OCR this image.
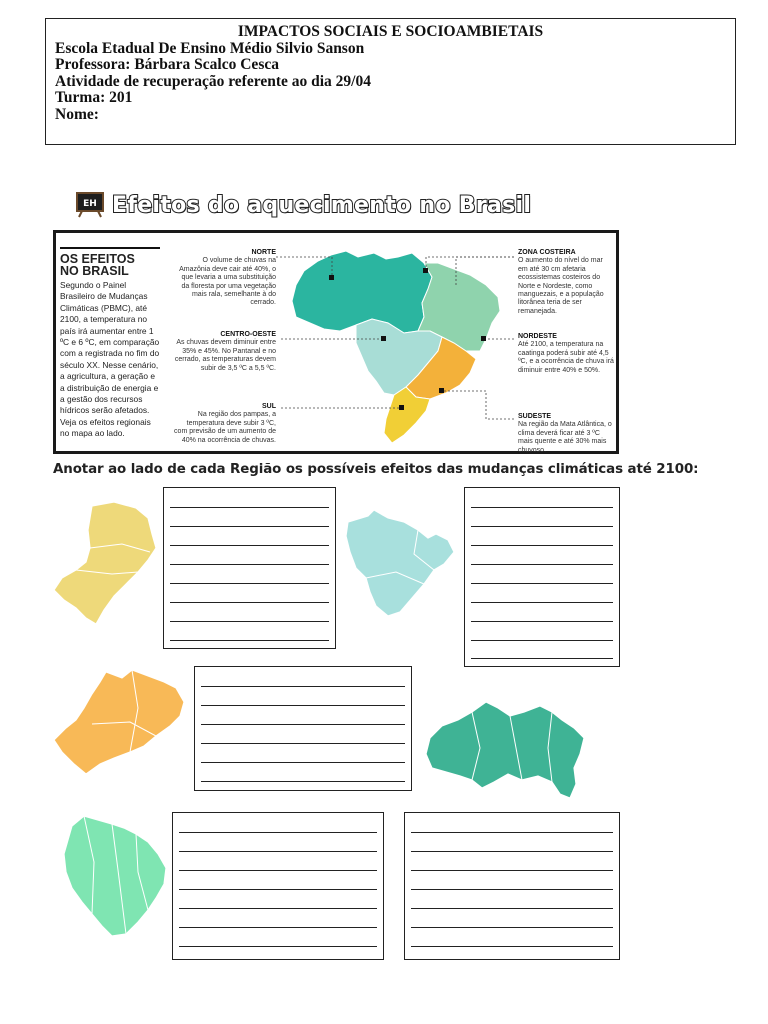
IMPACTOS SOCIAIS E SOCIOAMBIETAIS
Escola Etadual De Ensino Médio Silvio Sanson
Professora: Bárbara Scalco Cesca
Atividade de recuperação referente ao dia 29/04
Turma: 201
Nome:
EH Efeitos do aquecimento no Brasil
OS EFEITOS
NO BRASIL
Segundo o Painel Brasileiro de Mudanças Climáticas (PBMC), até 2100, a temperatura no país irá aumentar entre 1 ºC e 6 ºC, em comparação com a registrada no fim do século XX. Nesse cenário, a agricultura, a geração e a distribuição de energia e a gestão dos recursos hídricos serão afetados. Veja os efeitos regionais no mapa ao lado.
NORTE
O volume de chuvas na Amazônia deve cair até 40%, o que levaria a uma substituição da floresta por uma vegetação mais rala, semelhante à do cerrado.
CENTRO-OESTE
As chuvas devem diminuir entre 35% e 45%. No Pantanal e no cerrado, as temperaturas devem subir de 3,5 ºC a 5,5 ºC.
SUL
Na região dos pampas, a temperatura deve subir 3 ºC, com previsão de um aumento de 40% na ocorrência de chuvas.
ZONA COSTEIRA
O aumento do nível do mar em até 30 cm afetaria ecossistemas costeiros do Norte e Nordeste, como manguezais, e a população litorânea teria de ser remanejada.
NORDESTE
Até 2100, a temperatura na caatinga poderá subir até 4,5 ºC, e a ocorrência de chuva irá diminuir entre 40% e 50%.
SUDESTE
Na região da Mata Atlântica, o clima deverá ficar até 3 ºC mais quente e até 30% mais chuvoso.
Anotar ao lado de cada Região os possíveis efeitos das mudanças climáticas até 2100:
